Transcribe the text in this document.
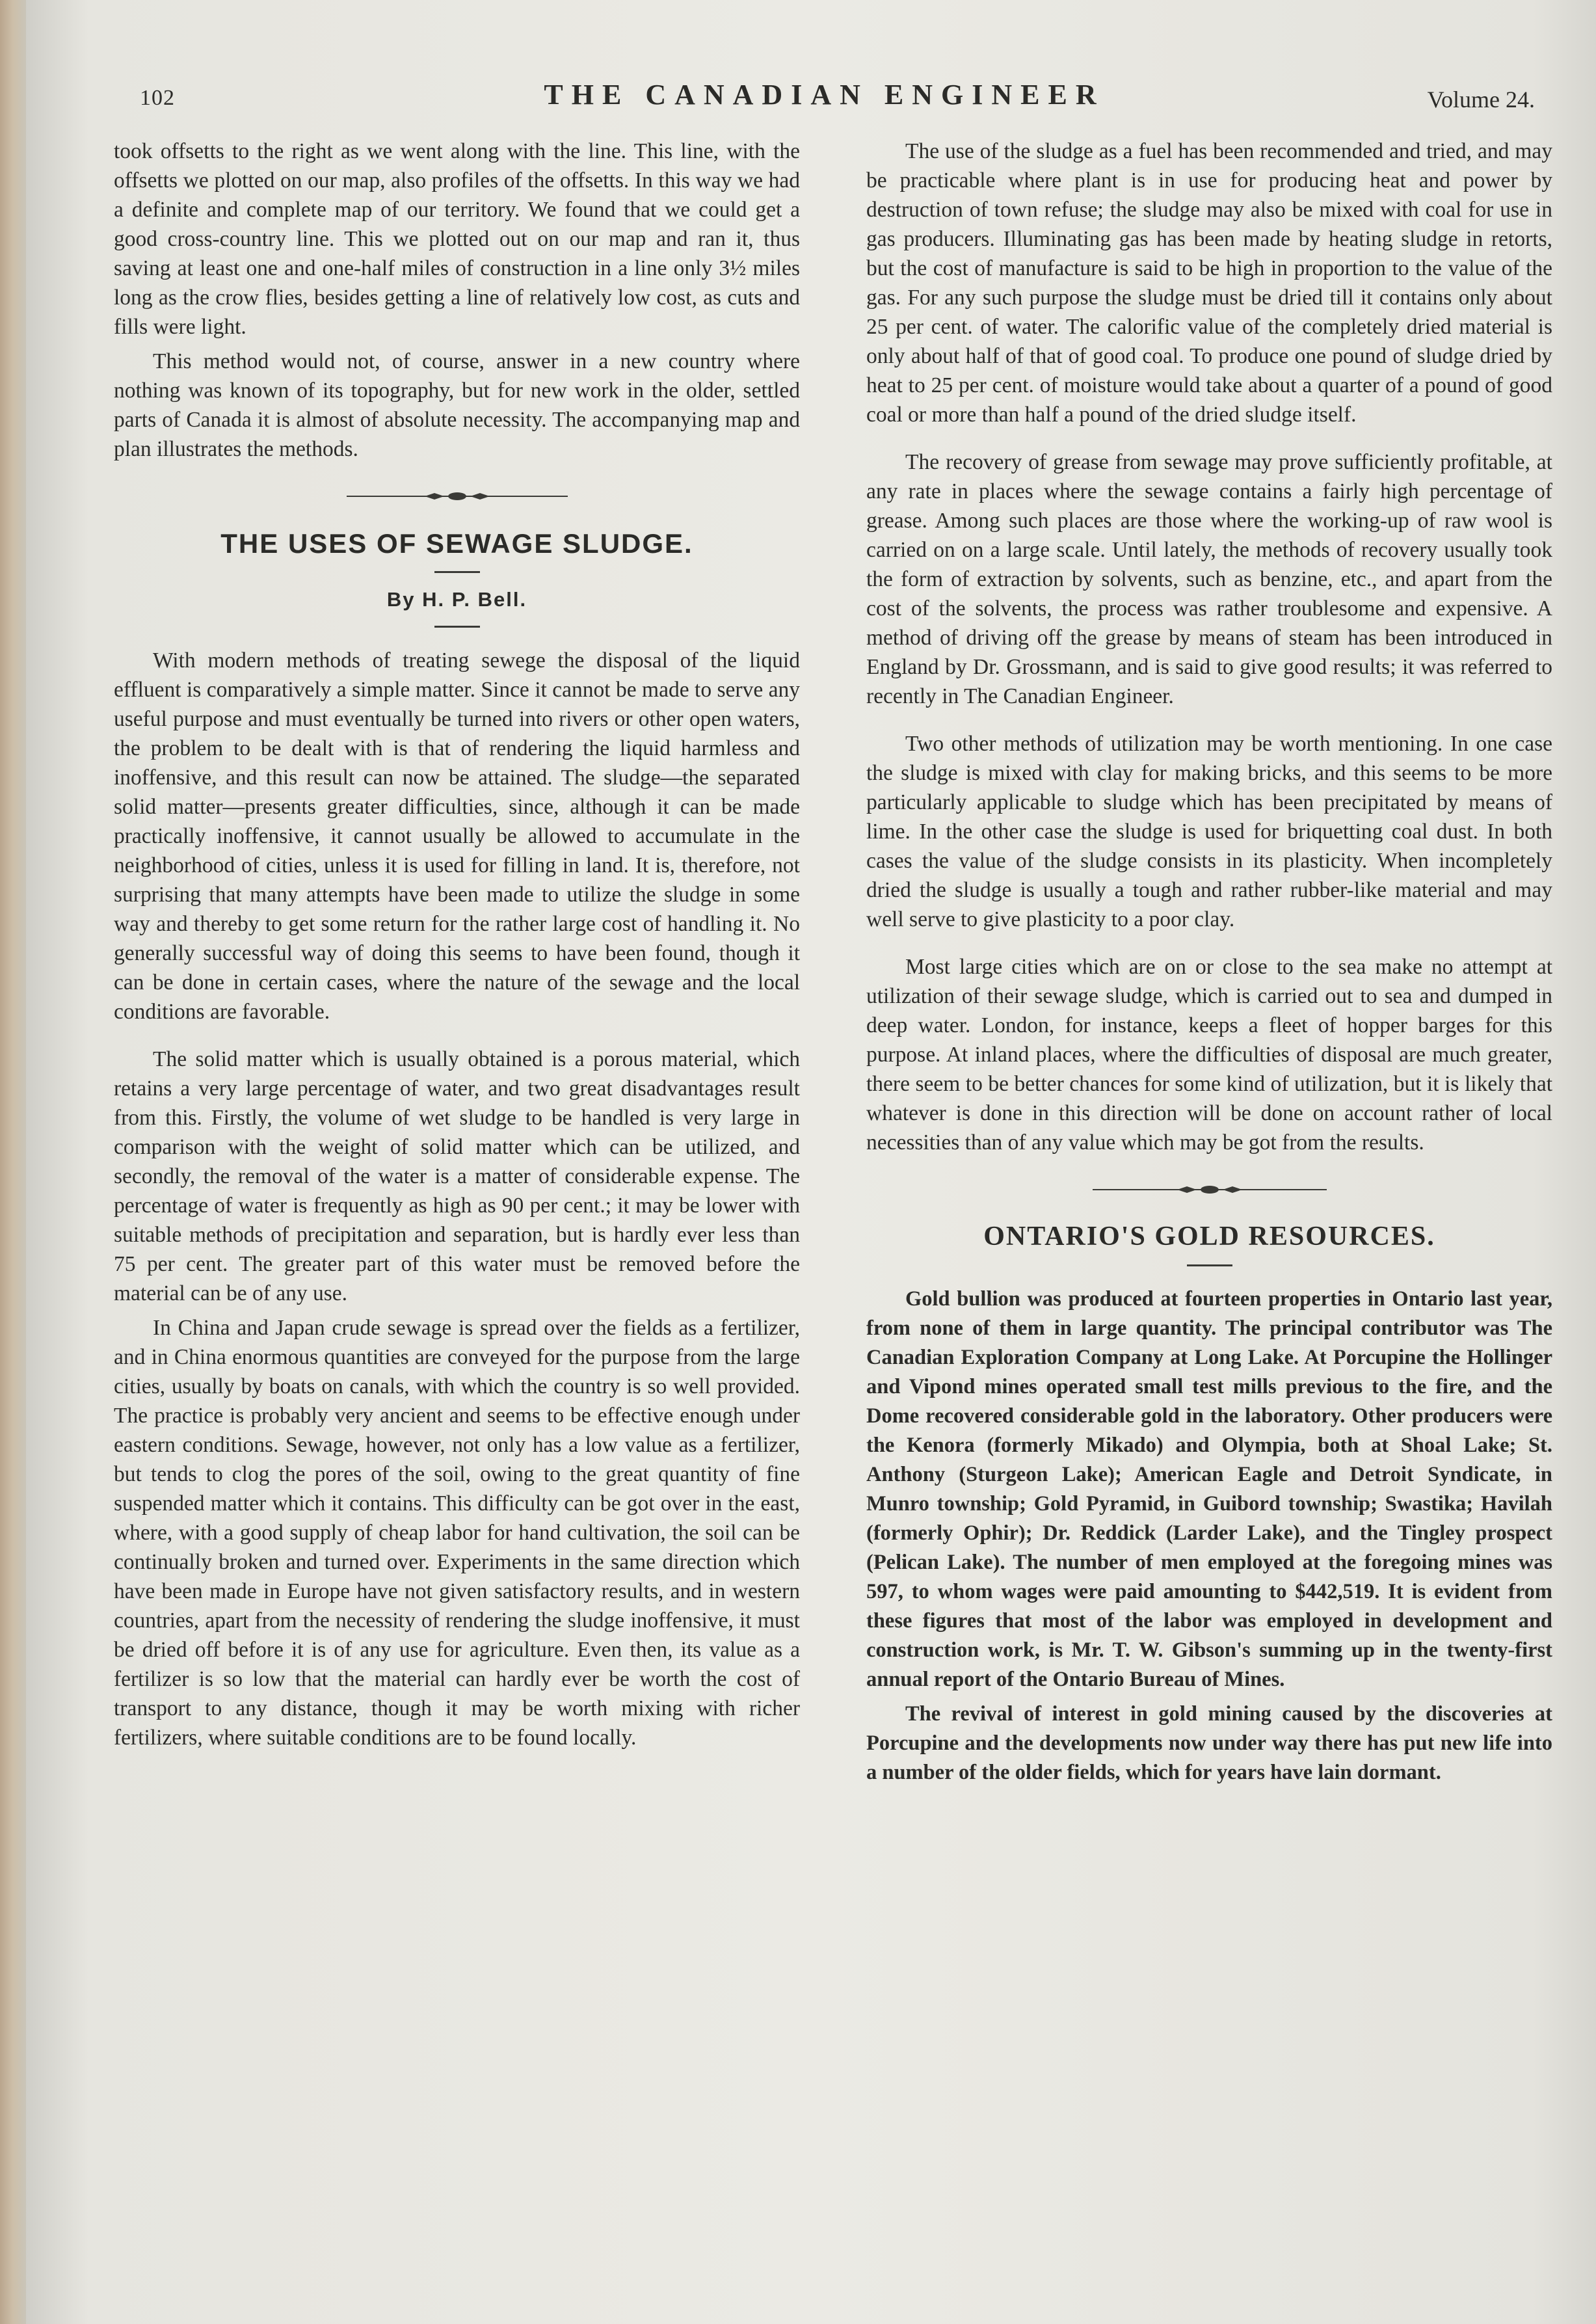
102	THE CANADIAN ENGINEER	Volume 24.

took offsetts to the right as we went along with the line. This line, with the offsetts we plotted on our map, also profiles of the offsetts. In this way we had a definite and complete map of our territory. We found that we could get a good cross-country line. This we plotted out on our map and ran it, thus saving at least one and one-half miles of construction in a line only 3½ miles long as the crow flies, besides getting a line of relatively low cost, as cuts and fills were light.

This method would not, of course, answer in a new country where nothing was known of its topography, but for new work in the older, settled parts of Canada it is almost of absolute necessity. The accompanying map and plan illustrates the methods.

THE USES OF SEWAGE SLUDGE.
By H. P. Bell.

With modern methods of treating sewege the disposal of the liquid effluent is comparatively a simple matter. Since it cannot be made to serve any useful purpose and must eventually be turned into rivers or other open waters, the problem to be dealt with is that of rendering the liquid harmless and inoffensive, and this result can now be attained. The sludge—the separated solid matter—presents greater difficulties, since, although it can be made practically inoffensive, it cannot usually be allowed to accumulate in the neighborhood of cities, unless it is used for filling in land. It is, therefore, not surprising that many attempts have been made to utilize the sludge in some way and thereby to get some return for the rather large cost of handling it. No generally successful way of doing this seems to have been found, though it can be done in certain cases, where the nature of the sewage and the local conditions are favorable.

The solid matter which is usually obtained is a porous material, which retains a very large percentage of water, and two great disadvantages result from this. Firstly, the volume of wet sludge to be handled is very large in comparison with the weight of solid matter which can be utilized, and secondly, the removal of the water is a matter of considerable expense. The percentage of water is frequently as high as 90 per cent.; it may be lower with suitable methods of precipitation and separation, but is hardly ever less than 75 per cent. The greater part of this water must be removed before the material can be of any use.

In China and Japan crude sewage is spread over the fields as a fertilizer, and in China enormous quantities are conveyed for the purpose from the large cities, usually by boats on canals, with which the country is so well provided. The practice is probably very ancient and seems to be effective enough under eastern conditions. Sewage, however, not only has a low value as a fertilizer, but tends to clog the pores of the soil, owing to the great quantity of fine suspended matter which it contains. This difficulty can be got over in the east, where, with a good supply of cheap labor for hand cultivation, the soil can be continually broken and turned over. Experiments in the same direction which have been made in Europe have not given satisfactory results, and in western countries, apart from the necessity of rendering the sludge inoffensive, it must be dried off before it is of any use for agriculture. Even then, its value as a fertilizer is so low that the material can hardly ever be worth the cost of transport to any distance, though it may be worth mixing with richer fertilizers, where suitable conditions are to be found locally.

The use of the sludge as a fuel has been recommended and tried, and may be practicable where plant is in use for producing heat and power by destruction of town refuse; the sludge may also be mixed with coal for use in gas producers. Illuminating gas has been made by heating sludge in retorts, but the cost of manufacture is said to be high in proportion to the value of the gas. For any such purpose the sludge must be dried till it contains only about 25 per cent. of water. The calorific value of the completely dried material is only about half of that of good coal. To produce one pound of sludge dried by heat to 25 per cent. of moisture would take about a quarter of a pound of good coal or more than half a pound of the dried sludge itself.

The recovery of grease from sewage may prove sufficiently profitable, at any rate in places where the sewage contains a fairly high percentage of grease. Among such places are those where the working-up of raw wool is carried on on a large scale. Until lately, the methods of recovery usually took the form of extraction by solvents, such as benzine, etc., and apart from the cost of the solvents, the process was rather troublesome and expensive. A method of driving off the grease by means of steam has been introduced in England by Dr. Grossmann, and is said to give good results; it was referred to recently in The Canadian Engineer.

Two other methods of utilization may be worth mentioning. In one case the sludge is mixed with clay for making bricks, and this seems to be more particularly applicable to sludge which has been precipitated by means of lime. In the other case the sludge is used for briquetting coal dust. In both cases the value of the sludge consists in its plasticity. When incompletely dried the sludge is usually a tough and rather rubber-like material and may well serve to give plasticity to a poor clay.

Most large cities which are on or close to the sea make no attempt at utilization of their sewage sludge, which is carried out to sea and dumped in deep water. London, for instance, keeps a fleet of hopper barges for this purpose. At inland places, where the difficulties of disposal are much greater, there seem to be better chances for some kind of utilization, but it is likely that whatever is done in this direction will be done on account rather of local necessities than of any value which may be got from the results.

ONTARIO'S GOLD RESOURCES.

Gold bullion was produced at fourteen properties in Ontario last year, from none of them in large quantity. The principal contributor was The Canadian Exploration Company at Long Lake. At Porcupine the Hollinger and Vipond mines operated small test mills previous to the fire, and the Dome recovered considerable gold in the laboratory. Other producers were the Kenora (formerly Mikado) and Olympia, both at Shoal Lake; St. Anthony (Sturgeon Lake); American Eagle and Detroit Syndicate, in Munro township; Gold Pyramid, in Guibord township; Swastika; Havilah (formerly Ophir); Dr. Reddick (Larder Lake), and the Tingley prospect (Pelican Lake). The number of men employed at the foregoing mines was 597, to whom wages were paid amounting to $442,519. It is evident from these figures that most of the labor was employed in development and construction work, is Mr. T. W. Gibson's summing up in the twenty-first annual report of the Ontario Bureau of Mines.

The revival of interest in gold mining caused by the discoveries at Porcupine and the developments now under way there has put new life into a number of the older fields, which for years have lain dormant.
